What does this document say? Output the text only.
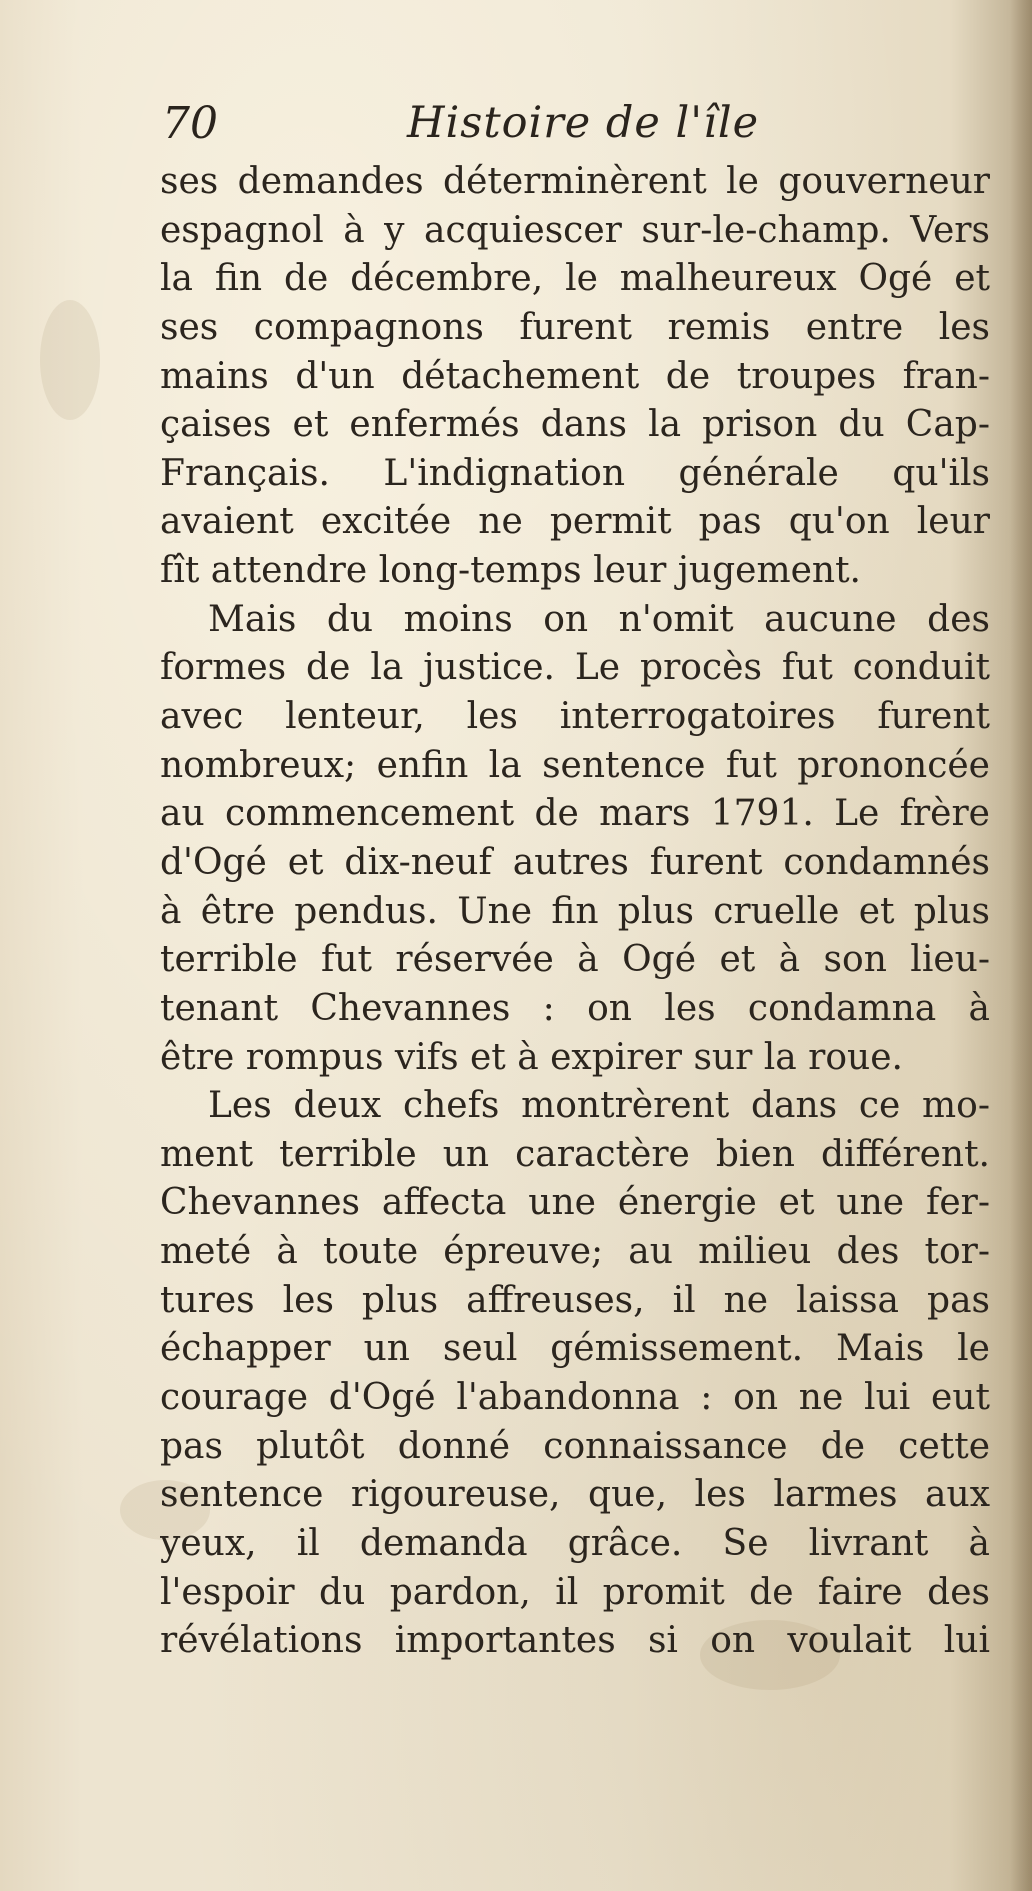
70	Histoire de l'île
ses demandes déterminèrent le gouverneur
espagnol à y acquiescer sur-le-champ. Vers
la fin de décembre, le malheureux Ogé et
ses compagnons furent remis entre les
mains d'un détachement de troupes fran-
çaises et enfermés dans la prison du Cap-
Français. L'indignation générale qu'ils
avaient excitée ne permit pas qu'on leur
fît attendre long-temps leur jugement.
Mais du moins on n'omit aucune des
formes de la justice. Le procès fut conduit
avec lenteur, les interrogatoires furent
nombreux; enfin la sentence fut prononcée
au commencement de mars 1791. Le frère
d'Ogé et dix-neuf autres furent condamnés
à être pendus. Une fin plus cruelle et plus
terrible fut réservée à Ogé et à son lieu-
tenant Chevannes : on les condamna à
être rompus vifs et à expirer sur la roue.
Les deux chefs montrèrent dans ce mo-
ment terrible un caractère bien différent.
Chevannes affecta une énergie et une fer-
meté à toute épreuve; au milieu des tor-
tures les plus affreuses, il ne laissa pas
échapper un seul gémissement. Mais le
courage d'Ogé l'abandonna : on ne lui eut
pas plutôt donné connaissance de cette
sentence rigoureuse, que, les larmes aux
yeux, il demanda grâce. Se livrant à
l'espoir du pardon, il promit de faire des
révélations importantes si on voulait lui
